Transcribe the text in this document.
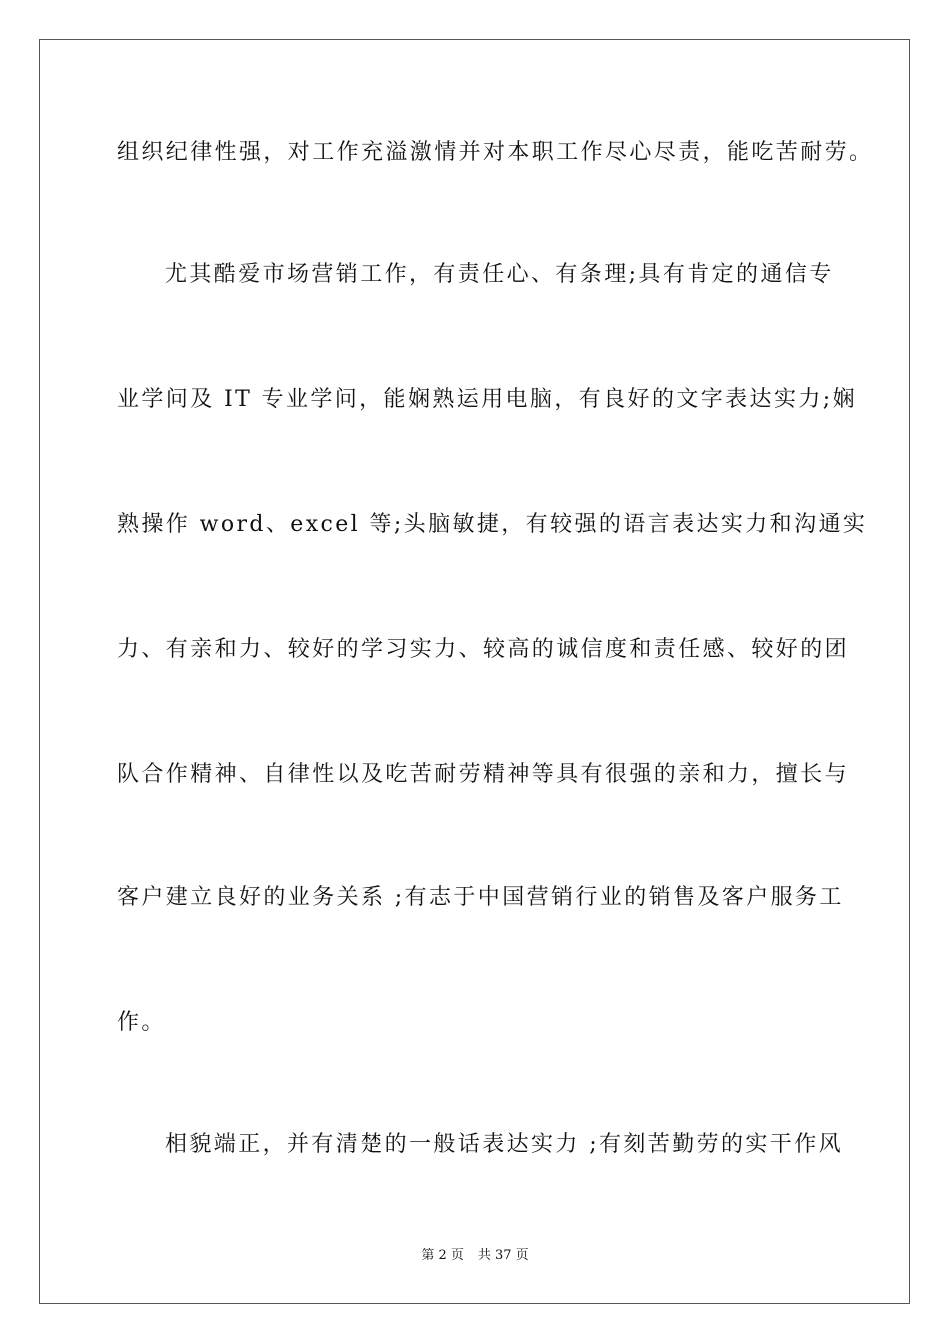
组织纪律性强，对工作充溢激情并对本职工作尽心尽责，能吃苦耐劳。
尤其酷爱市场营销工作，有责任心、有条理;具有肯定的通信专
业学问及 IT 专业学问，能娴熟运用电脑，有良好的文字表达实力;娴
熟操作 word、excel 等;头脑敏捷，有较强的语言表达实力和沟通实
力、有亲和力、较好的学习实力、较高的诚信度和责任感、较好的团
队合作精神、自律性以及吃苦耐劳精神等具有很强的亲和力，擅长与
客户建立良好的业务关系 ;有志于中国营销行业的销售及客户服务工
作。
相貌端正，并有清楚的一般话表达实力 ;有刻苦勤劳的实干作风
第 2 页 共 37 页
